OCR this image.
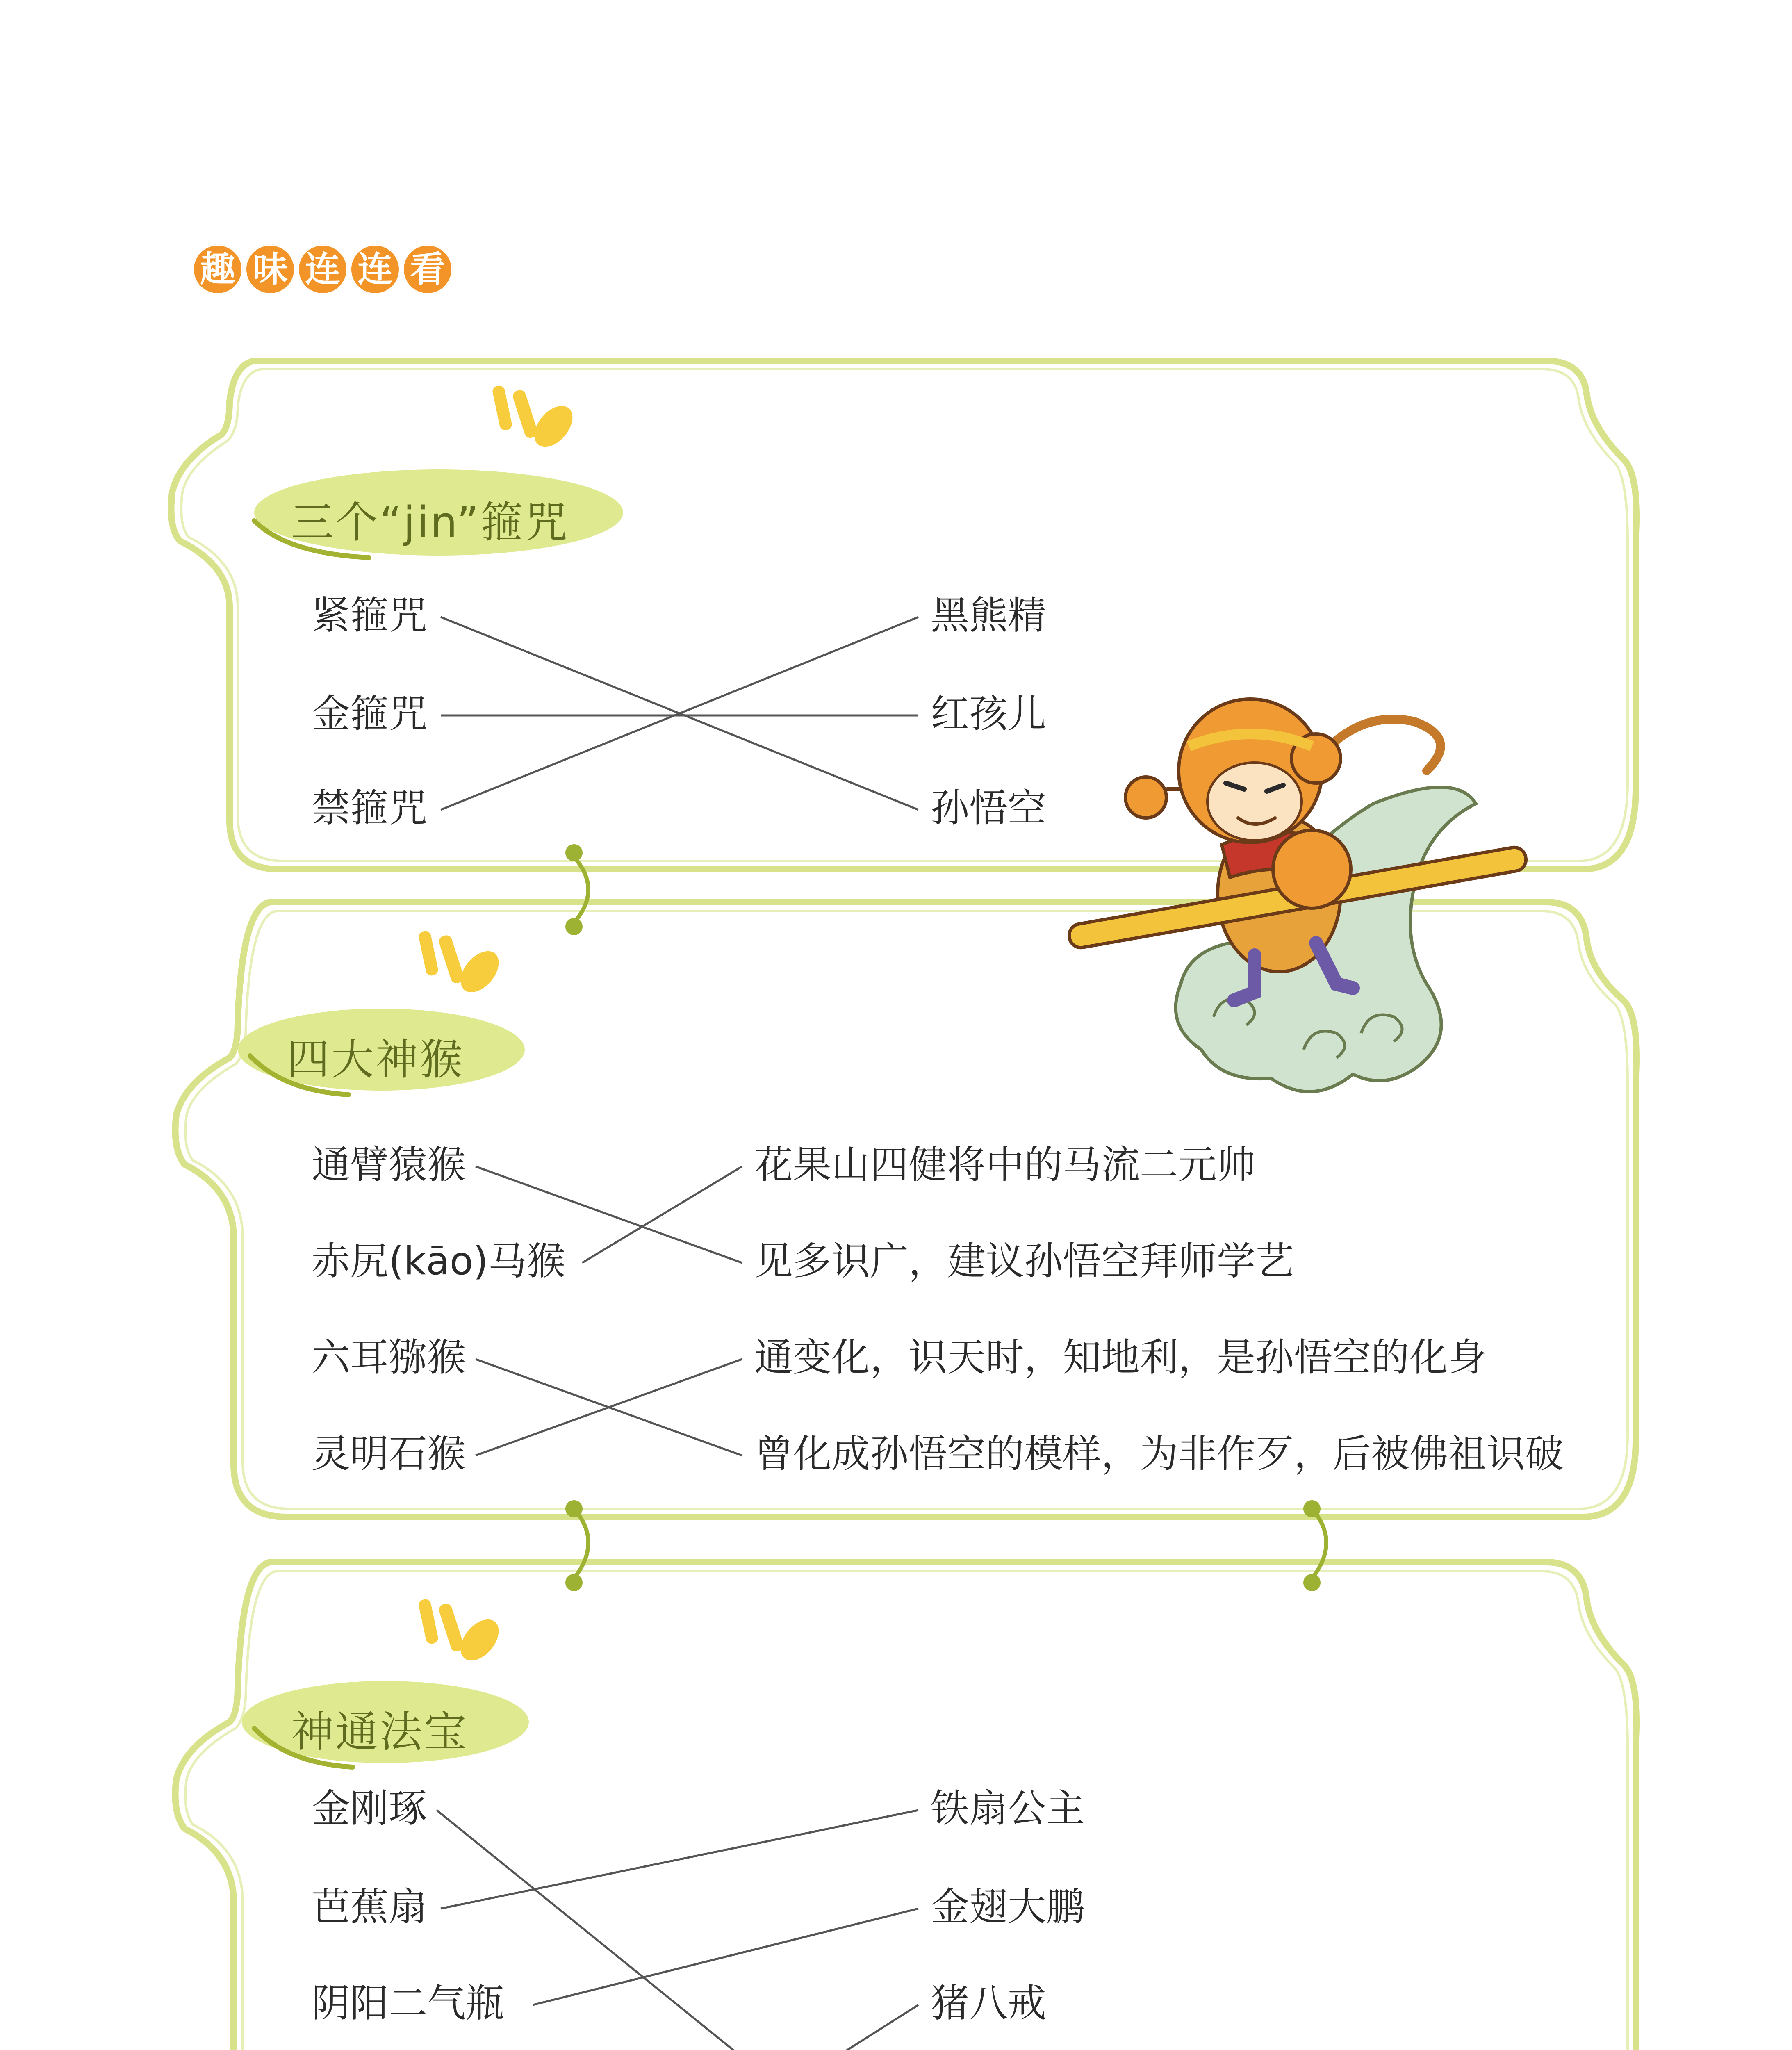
趣 味 连 连 看
三个“jin”箍咒
四大神猴
神通法宝
紧箍咒
金箍咒
禁箍咒
黑熊精
红孩儿
孙悟空
通臂猿猴
赤尻(kāo)马猴
六耳猕猴
灵明石猴
花果山四健将中的马流二元帅
见多识广，建议孙悟空拜师学艺
通变化，识天时，知地利，是孙悟空的化身
曾化成孙悟空的模样，为非作歹，后被佛祖识破
金刚琢
芭蕉扇
阴阳二气瓶
铁扇公主
金翅大鹏
猪八戒
